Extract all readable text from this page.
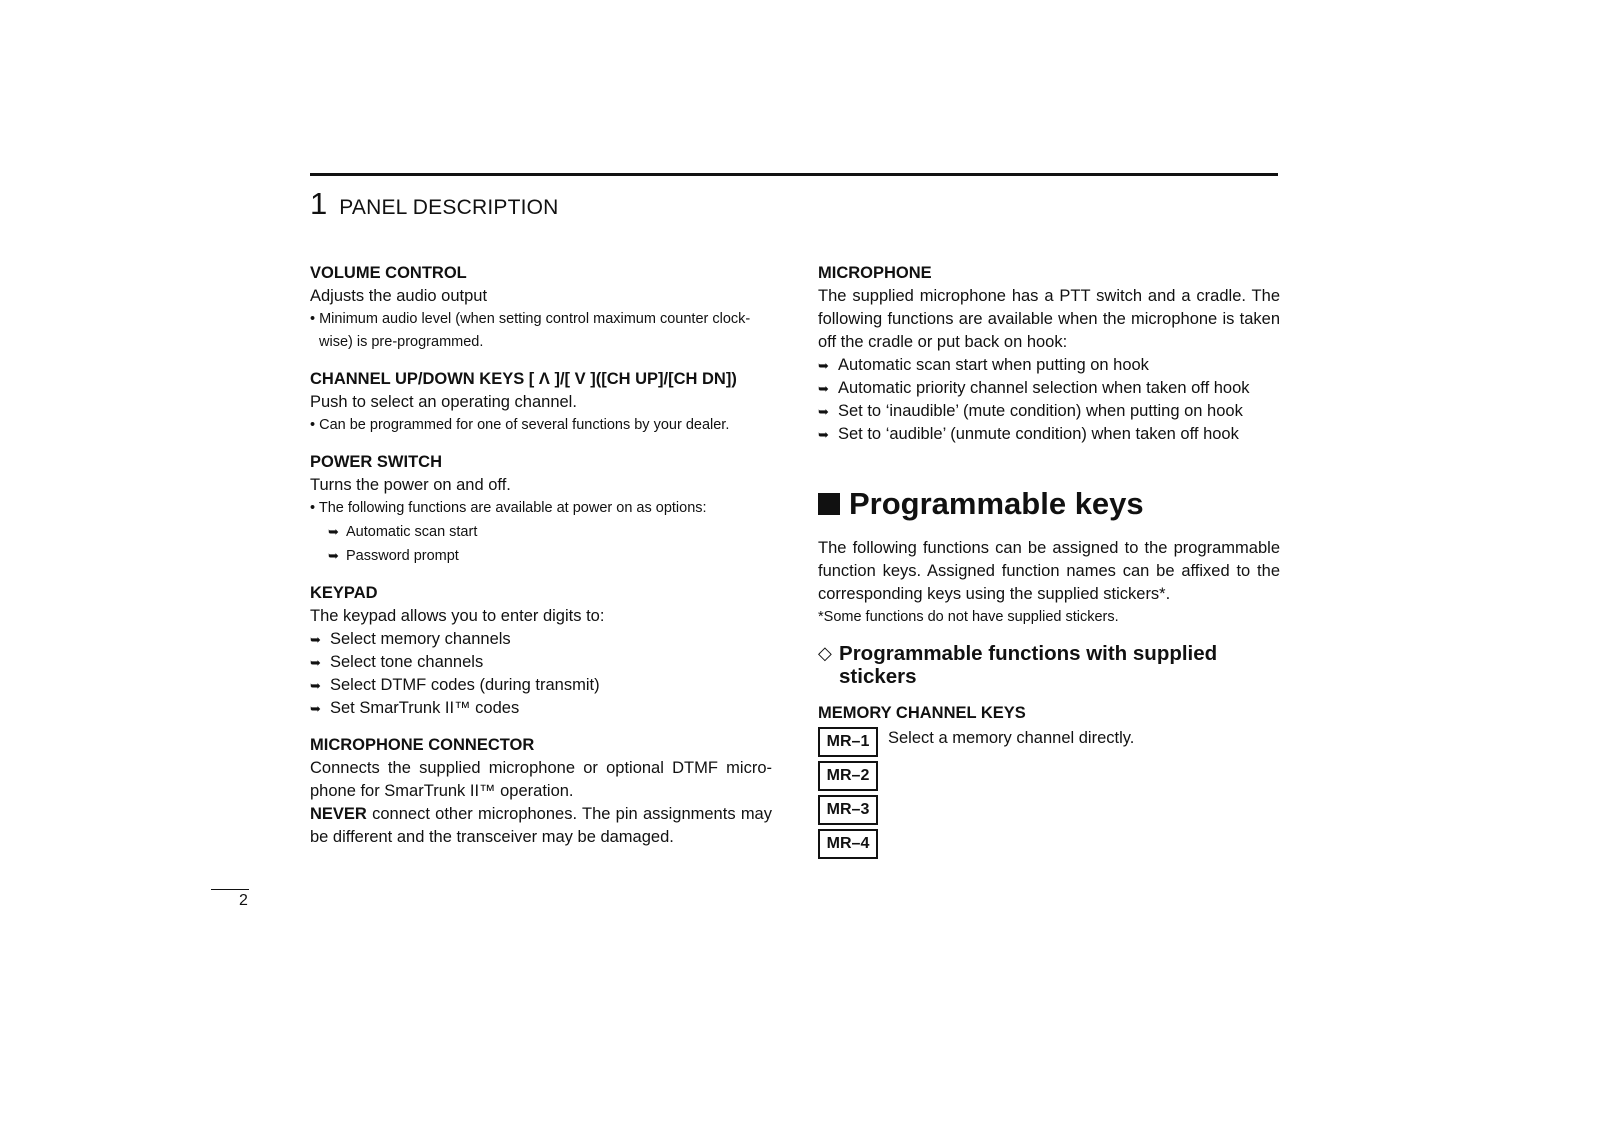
1 PANEL DESCRIPTION

VOLUME CONTROL

Adjusts the audio output

• Minimum audio level (when setting control maximum counter clock-wise) is pre-programmed.

CHANNEL UP/DOWN KEYS [ Λ ]/[ V ]([CH UP]/[CH DN])

Push to select an operating channel.

• Can be programmed for one of several functions by your dealer.

POWER SWITCH

Turns the power on and off.

• The following functions are available at power on as options:

➥ Automatic scan start

➥ Password prompt

KEYPAD

The keypad allows you to enter digits to:

➥ Select memory channels

➥ Select tone channels

➥ Select DTMF codes (during transmit)

➥ Set SmarTrunk II™ codes

MICROPHONE CONNECTOR

Connects the supplied microphone or optional DTMF micro-phone for SmarTrunk II™ operation.

NEVER connect other microphones. The pin assignments may be different and the transceiver may be damaged.

MICROPHONE

The supplied microphone has a PTT switch and a cradle. The following functions are available when the microphone is taken off the cradle or put back on hook:

➥ Automatic scan start when putting on hook

➥ Automatic priority channel selection when taken off hook

➥ Set to ‘inaudible’ (mute condition) when putting on hook

➥ Set to ‘audible’ (unmute condition) when taken off hook

Programmable keys

The following functions can be assigned to the programmable function keys. Assigned function names can be affixed to the corresponding keys using the supplied stickers*.

*Some functions do not have supplied stickers.

◇ Programmable functions with supplied stickers

MEMORY CHANNEL KEYS

MR–1
MR–2
MR–3
MR–4

Select a memory channel directly.

2
